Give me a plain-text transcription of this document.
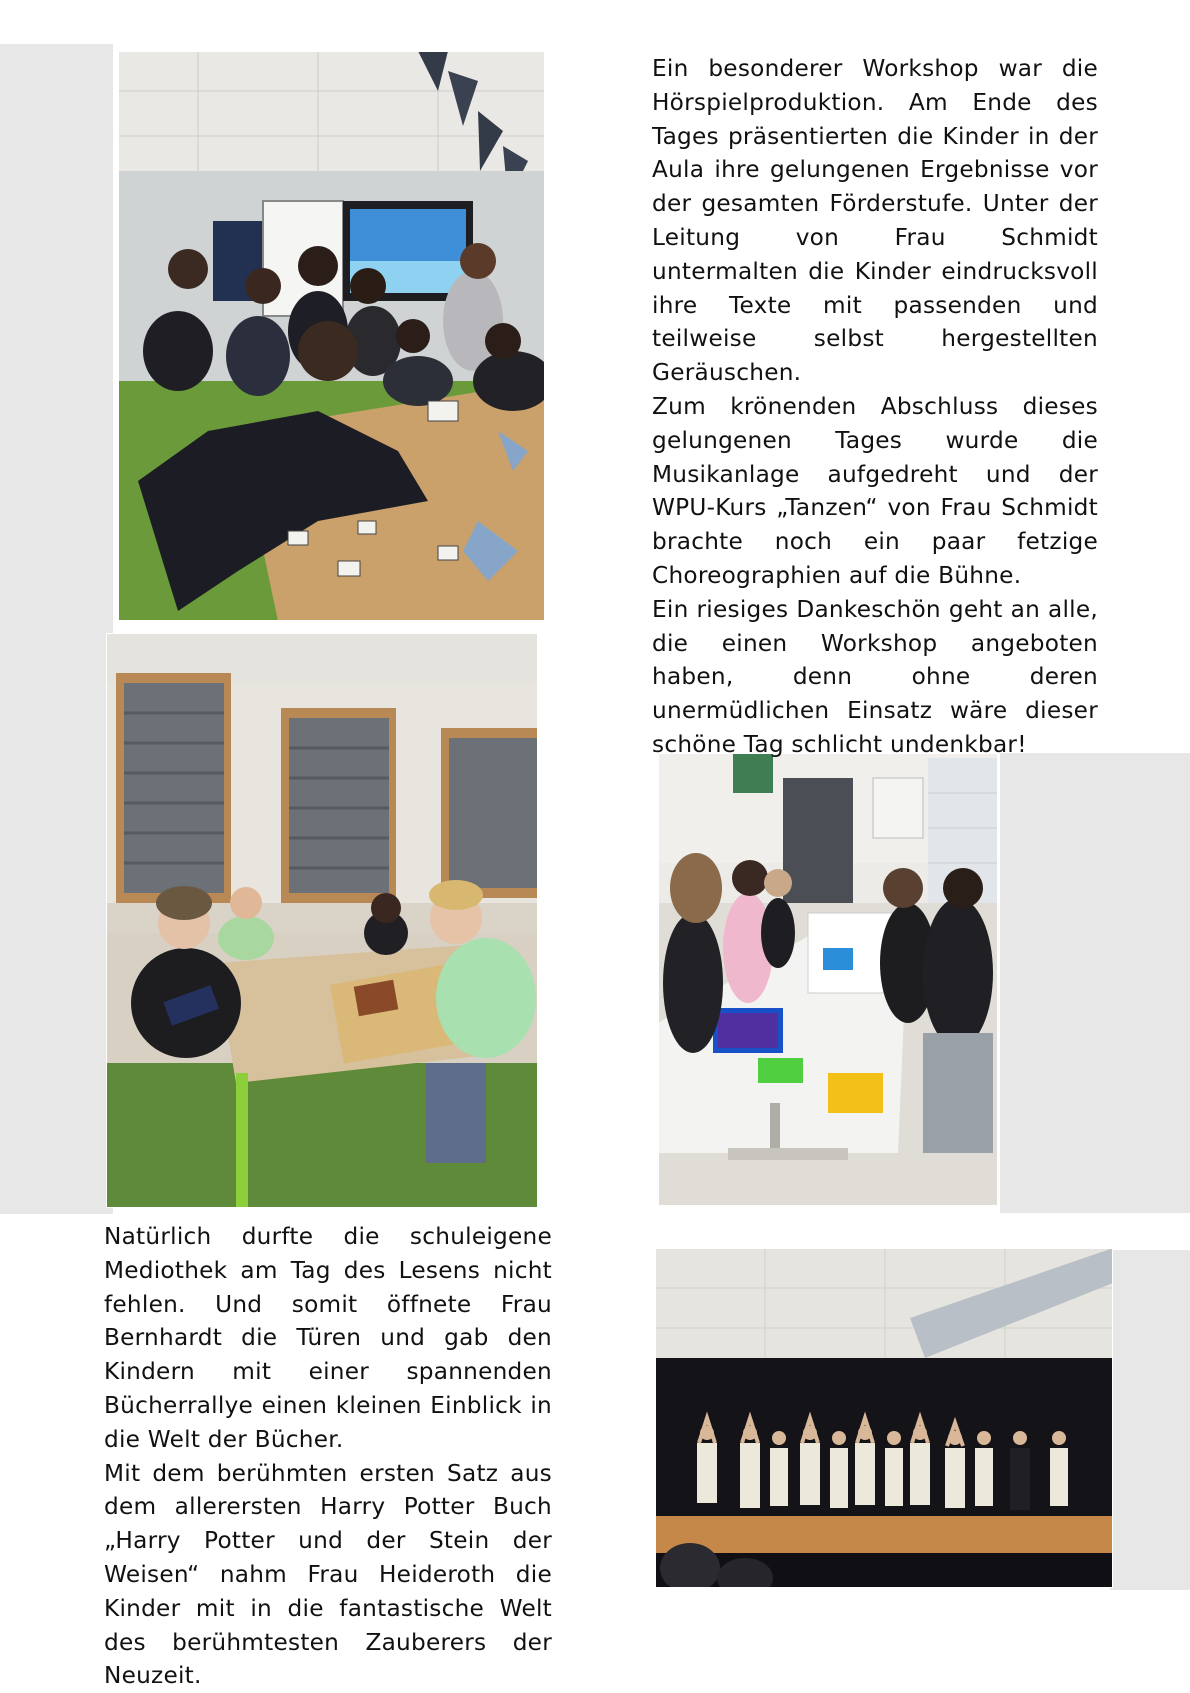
Ein besonderer Workshop war die Hörspielproduktion. Am Ende des Tages präsentierten die Kinder in der Aula ihre gelungenen Ergebnisse vor der gesamten Förderstufe. Unter der Leitung von Frau Schmidt untermalten die Kinder eindrucksvoll ihre Texte mit passenden und teilweise selbst hergestellten Geräuschen.

Zum krönenden Abschluss dieses gelungenen Tages wurde die Musikanlage aufgedreht und der WPU-Kurs „Tanzen“ von Frau Schmidt brachte noch ein paar fetzige Choreographien auf die Bühne.

Ein riesiges Dankeschön geht an alle, die einen Workshop angeboten haben, denn ohne deren unermüdlichen Einsatz wäre dieser schöne Tag schlicht undenkbar!

Natürlich durfte die schuleigene Mediothek am Tag des Lesens nicht fehlen. Und somit öffnete Frau Bernhardt die Türen und gab den Kindern mit einer spannenden Bücherrallye einen kleinen Einblick in die Welt der Bücher.

Mit dem berühmten ersten Satz aus dem allerersten Harry Potter Buch „Harry Potter und der Stein der Weisen“ nahm Frau Heideroth die Kinder mit in die fantastische Welt des berühmtesten Zauberers der Neuzeit.
